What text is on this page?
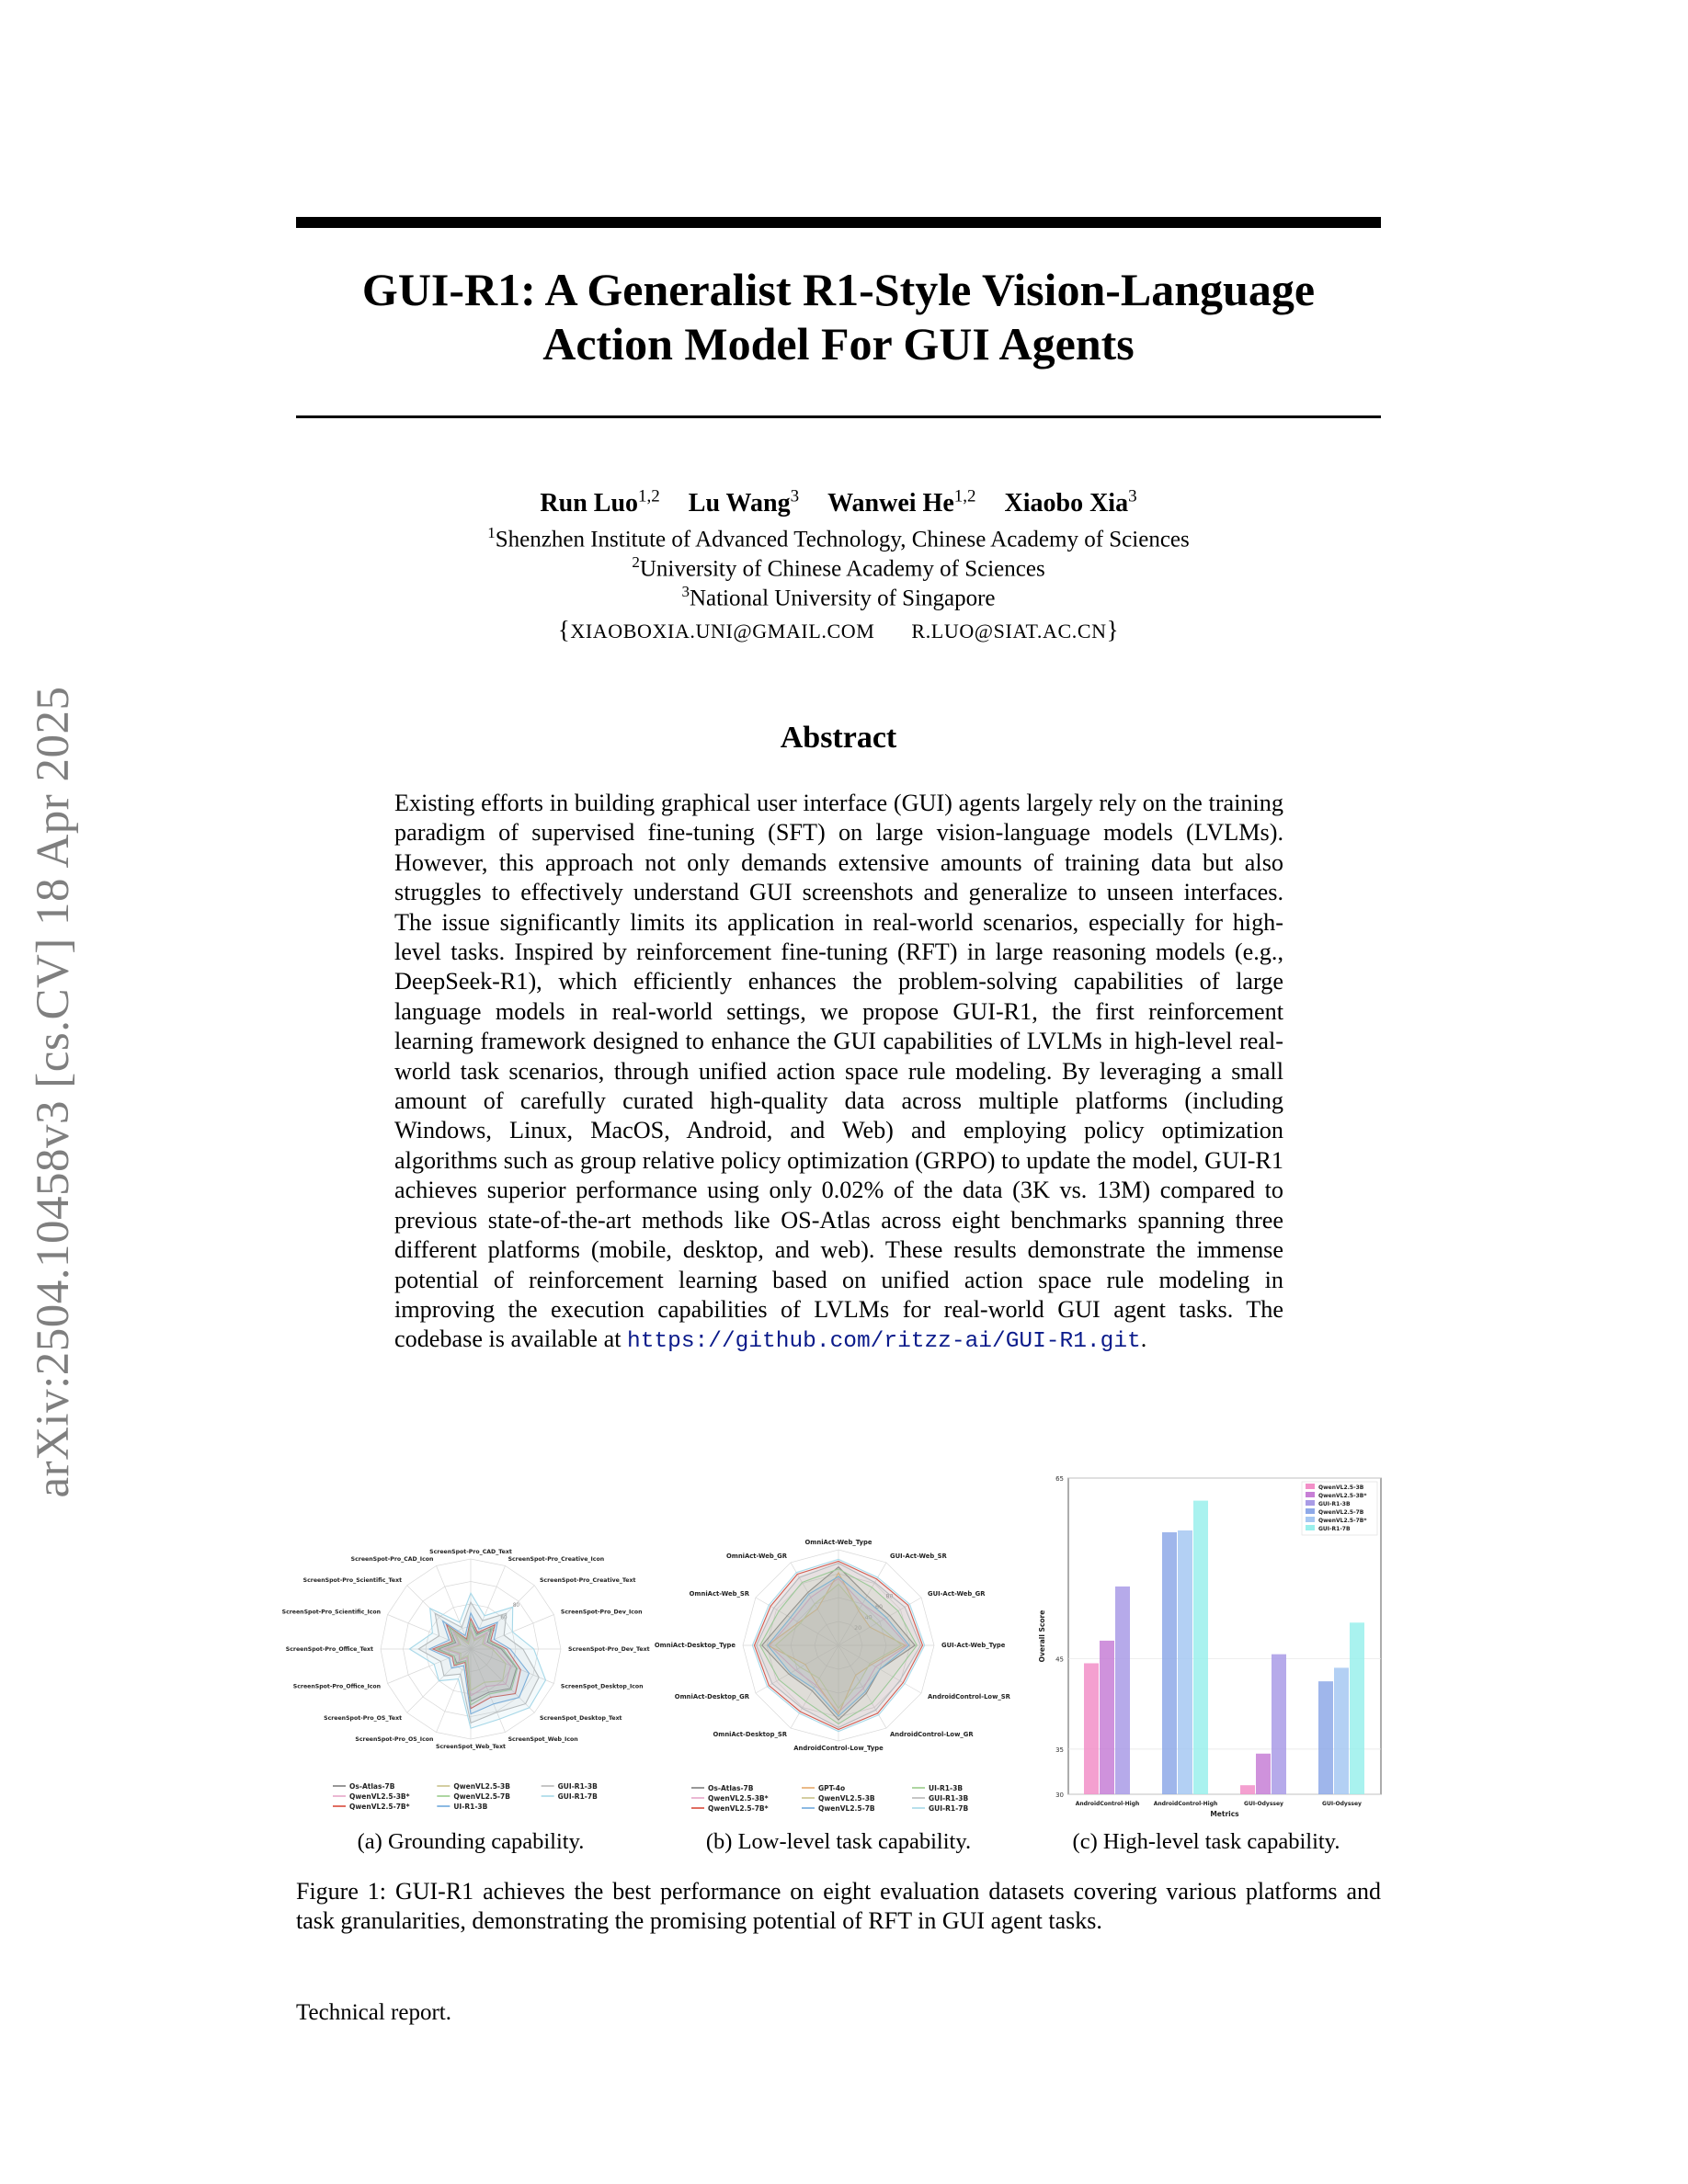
arXiv:2504.10458v3 [cs.CV] 18 Apr 2025
GUI-R1: A Generalist R1-Style Vision-Language
Action Model For GUI Agents
Run Luo$^{1,2}$ Lu Wang$^3$ Wanwei He$^{1,2}$ Xiaobo Xia$^3$
$^1$Shenzhen Institute of Advanced Technology, Chinese Academy of Sciences
$^2$University of Chinese Academy of Sciences
$^3$National University of Singapore
{XIAOBOXIA.UNI@GMAIL.COM R.LUO@SIAT.AC.CN}
Abstract
Existing efforts in building graphical user interface (GUI) agents largely rely on the training paradigm of supervised fine-tuning (SFT) on large vision-language models (LVLMs). However, this approach not only demands extensive amounts of training data but also struggles to effectively understand GUI screenshots and generalize to unseen interfaces. The issue significantly limits its application in real-world scenarios, especially for high-level tasks. Inspired by reinforcement fine-tuning (RFT) in large reasoning models (e.g., DeepSeek-R1), which efficiently enhances the problem-solving capabilities of large language models in real-world settings, we propose GUI-R1, the first reinforcement learning framework designed to enhance the GUI capabilities of LVLMs in high-level real-world task scenarios, through unified action space rule modeling. By leveraging a small amount of carefully curated high-quality data across multiple platforms (including Windows, Linux, MacOS, Android, and Web) and employing policy optimization algorithms such as group relative policy optimization (GRPO) to update the model, GUI-R1 achieves superior performance using only 0.02% of the data (3K vs. 13M) compared to previous state-of-the-art methods like OS-Atlas across eight benchmarks spanning three different platforms (mobile, desktop, and web). These results demonstrate the immense potential of reinforcement learning based on unified action space rule modeling in improving the execution capabilities of LVLMs for real-world GUI agent tasks. The codebase is available at https://github.com/ritzz-ai/GUI-R1.git.
ScreenSpot-Pro_CAD_Text
ScreenSpot-Pro_Creative_Icon
ScreenSpot-Pro_Creative_Text
ScreenSpot-Pro_Dev_Icon
ScreenSpot-Pro_Dev_Text
ScreenSpot_Desktop_Icon
ScreenSpot_Desktop_Text
ScreenSpot_Web_Icon
ScreenSpot_Web_Text
ScreenSpot-Pro_OS_Icon
ScreenSpot-Pro_OS_Text
ScreenSpot-Pro_Office_Icon
ScreenSpot-Pro_Office_Text
ScreenSpot-Pro_Scientific_Icon
ScreenSpot-Pro_Scientific_Text
ScreenSpot-Pro_CAD_Icon
34
60
80
Os-Atlas-7B
QwenVL2.5-3B*
QwenVL2.5-7B*
QwenVL2.5-3B
QwenVL2.5-7B
UI-R1-3B
GUI-R1-3B
GUI-R1-7B
OmniAct-Web_Type
GUI-Act-Web_SR
GUI-Act-Web_GR
GUI-Act-Web_Type
AndroidControl-Low_SR
AndroidControl-Low_GR
AndroidControl-Low_Type
OmniAct-Desktop_SR
OmniAct-Desktop_GR
OmniAct-Desktop_Type
OmniAct-Web_SR
OmniAct-Web_GR
20
40
60
80
Os-Atlas-7B
QwenVL2.5-3B*
QwenVL2.5-7B*
GPT-4o
QwenVL2.5-3B
QwenVL2.5-7B
UI-R1-3B
GUI-R1-3B
GUI-R1-7B
30
35
45
65
AndroidControl-High	AndroidControl-High	GUI-Odyssey	GUI-Odyssey
Metrics
Overall Score
QwenVL2.5-3B
QwenVL2.5-3B*
GUI-R1-3B
QwenVL2.5-7B
QwenVL2.5-7B*
GUI-R1-7B
(a) Grounding capability.	(b) Low-level task capability.	(c) High-level task capability.
Figure 1: GUI-R1 achieves the best performance on eight evaluation datasets covering various platforms and task granularities, demonstrating the promising potential of RFT in GUI agent tasks.
Technical report.
